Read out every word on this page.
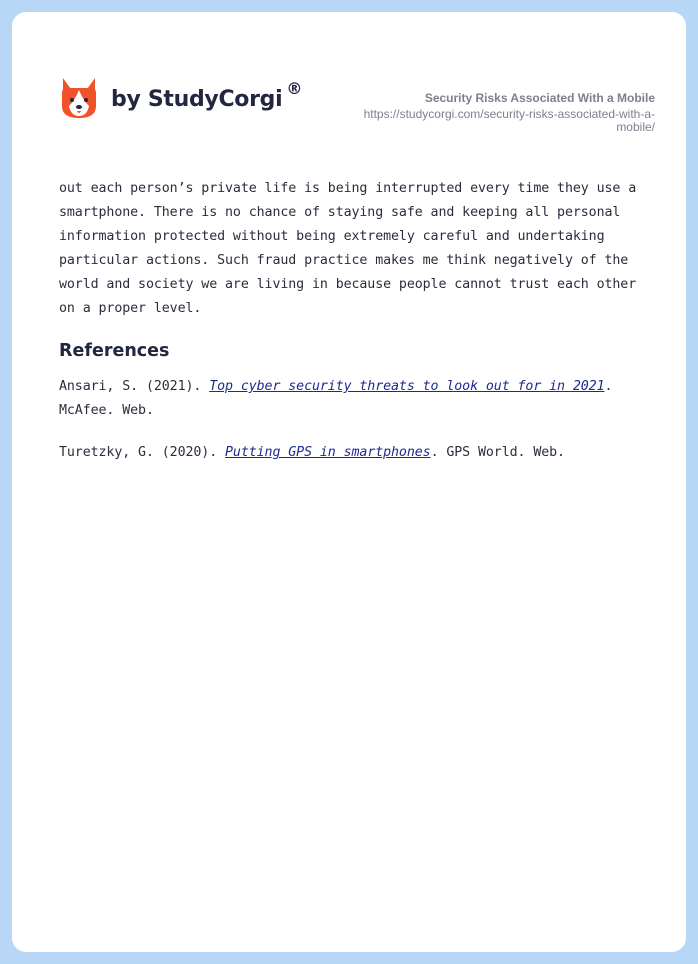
by StudyCorgi ®
Security Risks Associated With a Mobile
https://studycorgi.com/security-risks-associated-with-a-mobile/

out each person’s private life is being interrupted every time they use a smartphone. There is no chance of staying safe and keeping all personal information protected without being extremely careful and undertaking particular actions. Such fraud practice makes me think negatively of the world and society we are living in because people cannot trust each other on a proper level.

References

Ansari, S. (2021). Top cyber security threats to look out for in 2021. McAfee. Web.

Turetzky, G. (2020). Putting GPS in smartphones. GPS World. Web.
